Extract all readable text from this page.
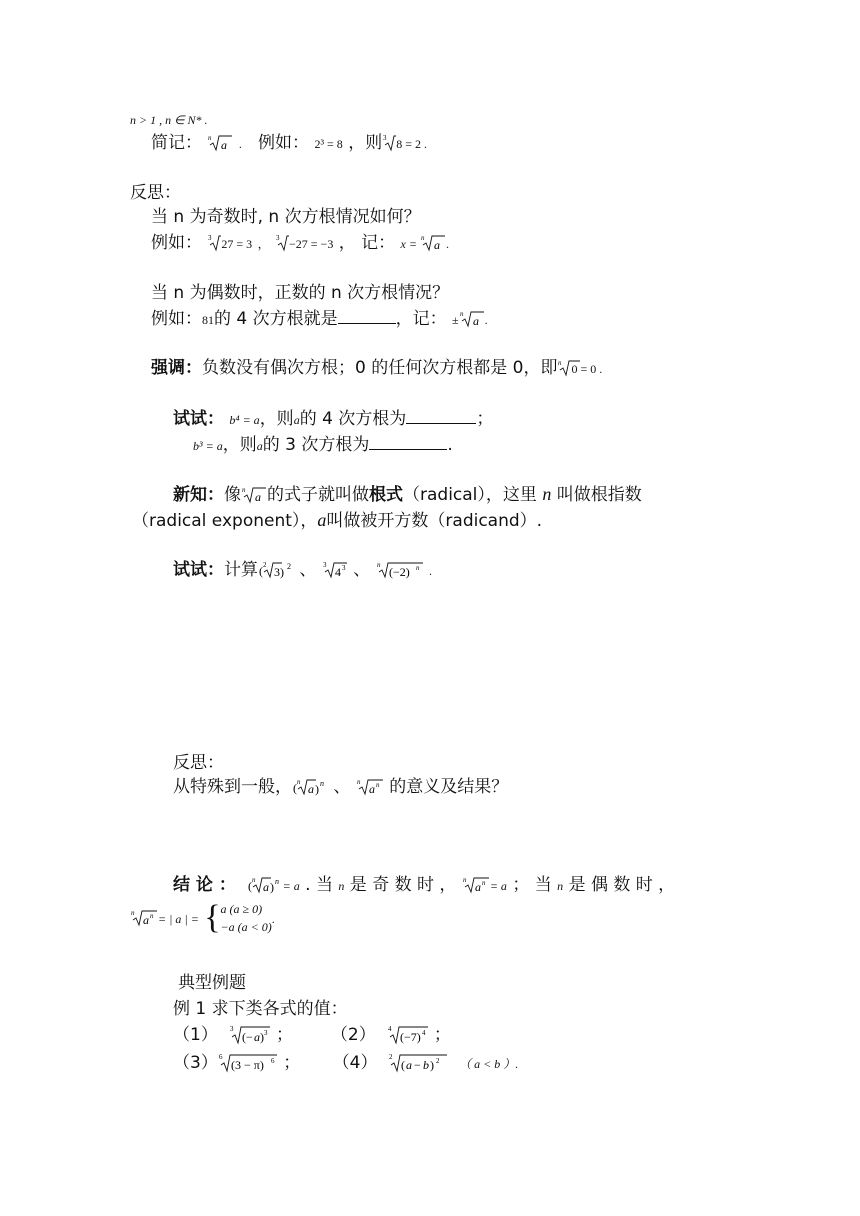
n > 1 , n ∈ N* .
简记： n a . 例如： 2³ = 8 ，则 3 8 = 2 .
反思：
当 n 为奇数时, n 次方根情况如何？
例如： 3 27 = 3 ， 3 −27 = −3 ， 记： x = n a .
当 n 为偶数时，正数的 n 次方根情况？
例如：81的 4 次方根就是	，记： ± n a .
强调：负数没有偶次方根；0 的任何次方根都是 0，即 n 0 = 0 .
试试： b⁴ = a，则a的 4 次方根为	；
b³ = a，则a的 3 次方根为	.
新知：像 n a 的式子就叫做根式（radical），这里 n 叫做根指数
（radical exponent），a叫做被开方数（radicand）.
试试：计算 ( 2 3) 2 、 3 4 3 、 n (−2) n .
反思：
从特殊到一般， ( n a ) n 、 n a n 的意义及结果？
结 论 ： ( n a ) n = a . 当 n 是 奇 数 时 ， n a n = a ； 当 n 是 偶 数 时 ，
n a n = | a | = { a (a ≥ 0)
−a (a < 0)
.
典型例题
例 1 求下类各式的值：
（1） 3
(− a ) 3 ； （2） 4
(−7) 4 ；
（3） 6
(3 − π) 6 ； （4） 2
( a − b ) 2 （ a < b ）.
